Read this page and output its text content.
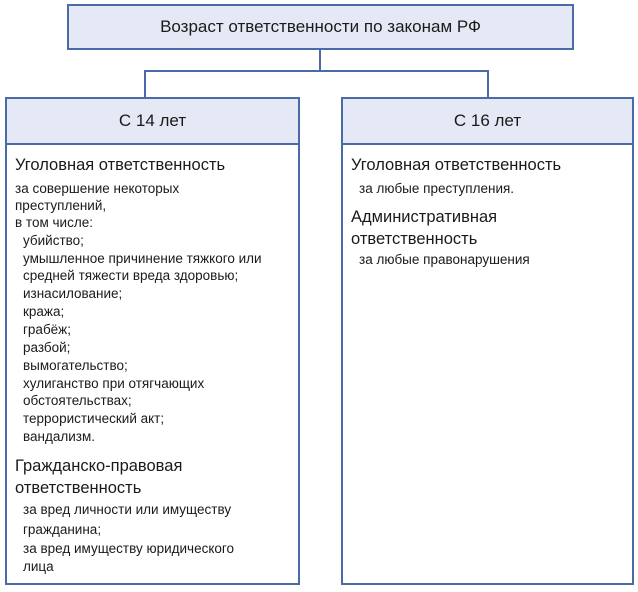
Возраст ответственности по законам РФ
С 14 лет	С 16 лет
Уголовная ответственность
за совершение некоторых
преступлений,
в том числе:
убийство;
умышленное причинение тяжкого или
средней тяжести вреда здоровью;
изнасилование;
кража;
грабёж;
разбой;
вымогательство;
хулиганство при отягчающих
обстоятельствах;
террористический акт;
вандализм.
Гражданско-правовая
ответственность
за вред личности или имуществу
гражданина;
за вред имуществу юридического
лица
Уголовная ответственность
за любые преступления.
Административная
ответственность
за любые правонарушения
